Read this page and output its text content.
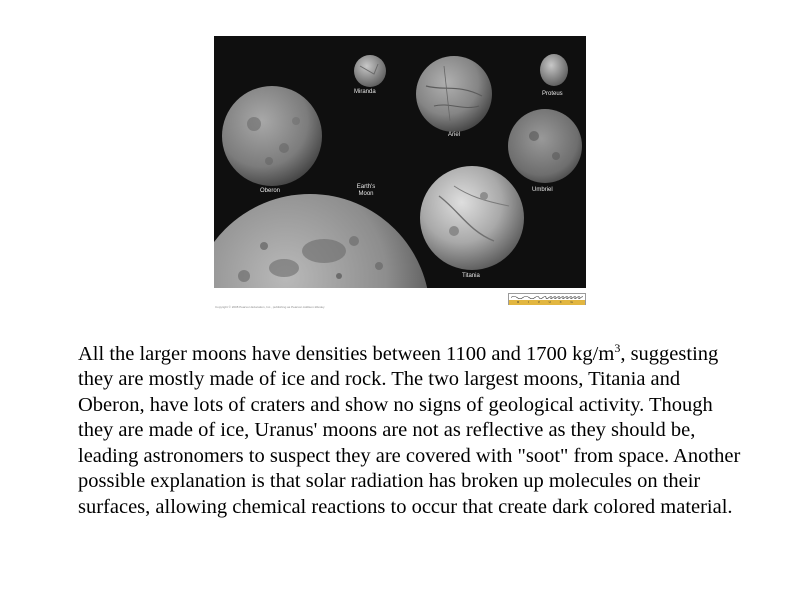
Miranda	Proteus
Ariel
Oberon
Earth's Moon
Umbriel
Titania
Copyright © 2008 Pearson Education, Inc., publishing as Pearson Addison-Wesley
R I V U X G

All the larger moons have densities between 1100 and 1700 $kg/m^3$, suggesting they are mostly made of ice and rock. The two largest moons, Titania and Oberon, have lots of craters and show no signs of geological activity. Though they are made of ice, Uranus' moons are not as reflective as they should be, leading astronomers to suspect they are covered with "soot" from space. Another possible explanation is that solar radiation has broken up molecules on their surfaces, allowing chemical reactions to occur that create dark colored material.
